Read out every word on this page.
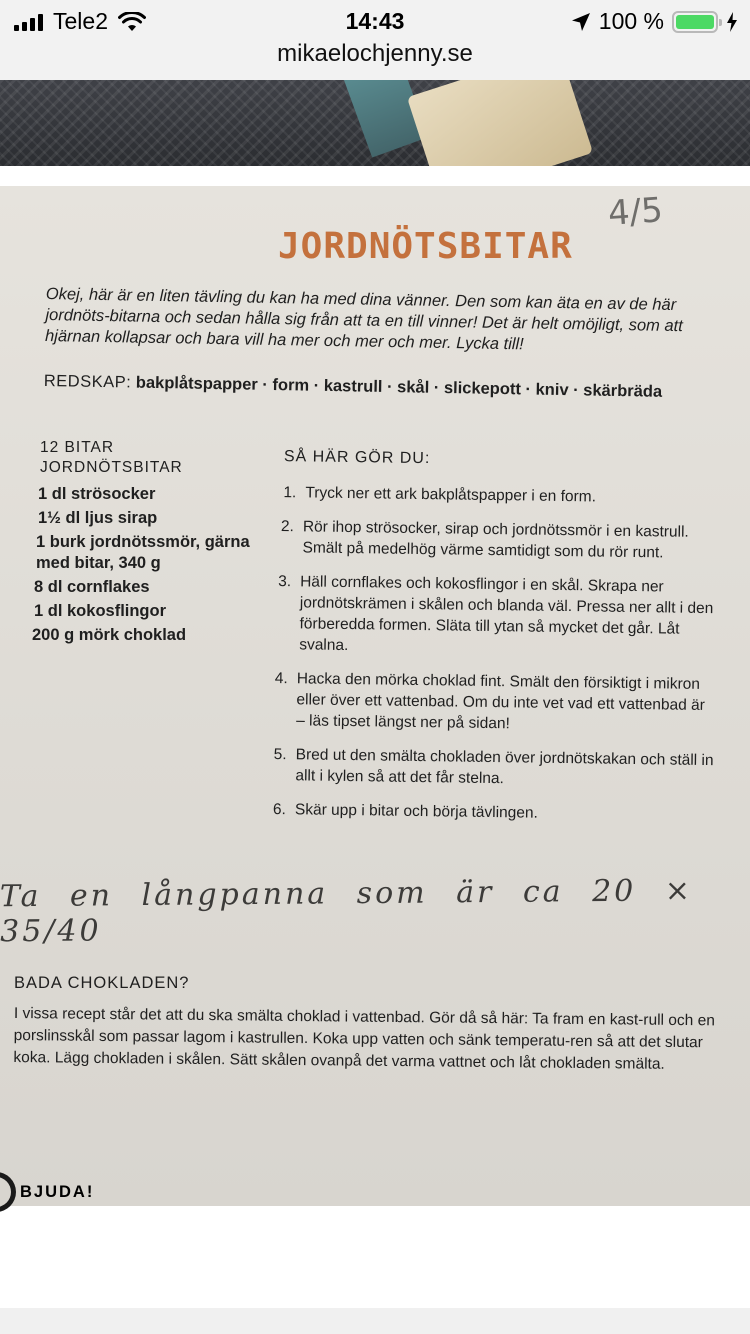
Tele2	14:43	100 %
mikaelochjenny.se
4/5
JORDNÖTSBITAR

Okej, här är en liten tävling du kan ha med dina vänner. Den som kan äta en av de här jordnöts-bitarna och sedan hålla sig från att ta en till vinner! Det är helt omöjligt, som att hjärnan kollapsar och bara vill ha mer och mer och mer. Lycka till!

REDSKAP: bakplåtspapper · form · kastrull · skål · slickepott · kniv · skärbräda
12 BITAR
JORDNÖTSBITAR
1 dl strösocker
1½ dl ljus sirap
1 burk jordnötssmör, gärna med bitar, 340 g
8 dl cornflakes
1 dl kokosflingor
200 g mörk choklad
SÅ HÄR GÖR DU:
1. Tryck ner ett ark bakplåtspapper i en form.
2. Rör ihop strösocker, sirap och jordnötssmör i en kastrull. Smält på medelhög värme samtidigt som du rör runt.
3. Häll cornflakes och kokosflingor i en skål. Skrapa ner jordnötskrämen i skålen och blanda väl. Pressa ner allt i den förberedda formen. Släta till ytan så mycket det går. Låt svalna.
4. Hacka den mörka choklad fint. Smält den försiktigt i mikron eller över ett vattenbad. Om du inte vet vad ett vattenbad är – läs tipset längst ner på sidan!
5. Bred ut den smälta chokladen över jordnötskakan och ställ in allt i kylen så att det får stelna.
6. Skär upp i bitar och börja tävlingen.
Ta en långpanna som är ca 20 × 35/40
BADA CHOKLADEN?

I vissa recept står det att du ska smälta choklad i vattenbad. Gör då så här: Ta fram en kast-rull och en porslinsskål som passar lagom i kastrullen. Koka upp vatten och sänk temperatu-ren så att det slutar koka. Lägg chokladen i skålen. Sätt skålen ovanpå det varma vattnet och låt chokladen smälta.

BJUDA!
